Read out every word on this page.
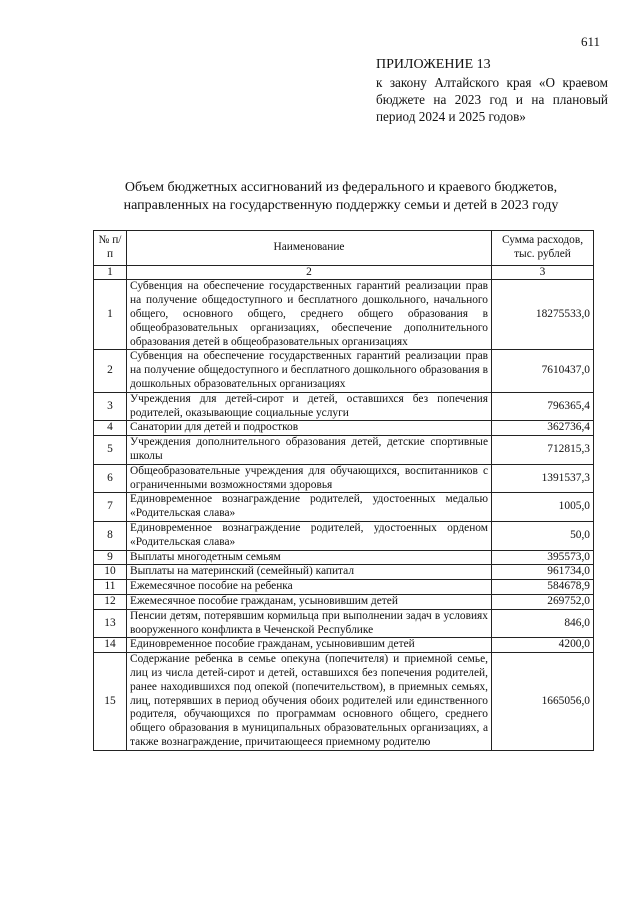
611
ПРИЛОЖЕНИЕ 13
к закону Алтайского края «О краевом бюджете на 2023 год и на плановый период 2024 и 2025 годов»
Объем бюджетных ассигнований из федерального и краевого бюджетов, направленных на государственную поддержку семьи и детей в 2023 году
№ п/п	Наименование	Сумма расходов, тыс. рублей
1	2	3
1	Субвенция на обеспечение государственных гарантий реализации прав на получение общедоступного и бесплатного дошкольного, начального общего, основного общего, среднего общего образования в общеобразовательных организациях, обеспечение дополнительного образования детей в общеобразовательных организациях	18275533,0
2	Субвенция на обеспечение государственных гарантий реализации прав на получение общедоступного и бесплатного дошкольного образования в дошкольных образовательных организациях	7610437,0
3	Учреждения для детей-сирот и детей, оставшихся без попечения родителей, оказывающие социальные услуги	796365,4
4	Санатории для детей и подростков	362736,4
5	Учреждения дополнительного образования детей, детские спортивные школы	712815,3
6	Общеобразовательные учреждения для обучающихся, воспитанников с ограниченными возможностями здоровья	1391537,3
7	Единовременное вознаграждение родителей, удостоенных медалью «Родительская слава»	1005,0
8	Единовременное вознаграждение родителей, удостоенных орденом «Родительская слава»	50,0
9	Выплаты многодетным семьям	395573,0
10	Выплаты на материнский (семейный) капитал	961734,0
11	Ежемесячное пособие на ребенка	584678,9
12	Ежемесячное пособие гражданам, усыновившим детей	269752,0
13	Пенсии детям, потерявшим кормильца при выполнении задач в условиях вооруженного конфликта в Чеченской Республике	846,0
14	Единовременное пособие гражданам, усыновившим детей	4200,0
15	Содержание ребенка в семье опекуна (попечителя) и приемной семье, лиц из числа детей-сирот и детей, оставшихся без попечения родителей, ранее находившихся под опекой (попечительством), в приемных семьях, лиц, потерявших в период обучения обоих родителей или единственного родителя, обучающихся по программам основного общего, среднего общего образования в муниципальных образовательных организациях, а также вознаграждение, причитающееся приемному родителю	1665056,0
